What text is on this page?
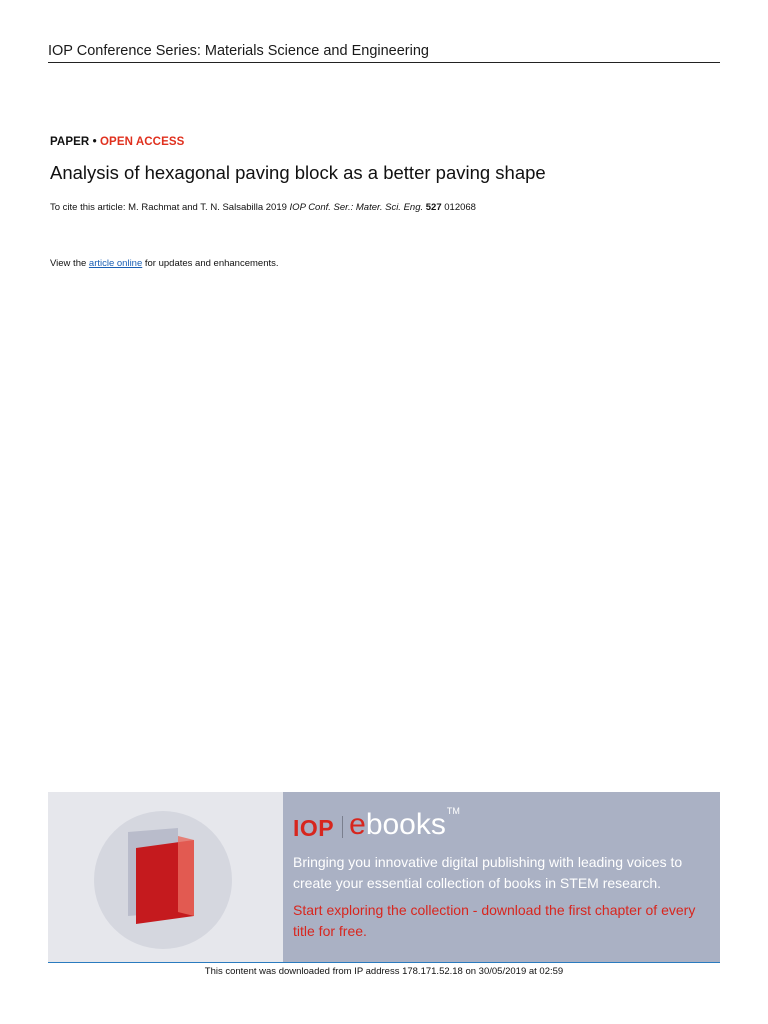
IOP Conference Series: Materials Science and Engineering
PAPER • OPEN ACCESS
Analysis of hexagonal paving block as a better paving shape
To cite this article: M. Rachmat and T. N. Salsabilla 2019 IOP Conf. Ser.: Mater. Sci. Eng. 527 012068
View the article online for updates and enhancements.
IOP e books TM
Bringing you innovative digital publishing with leading voices to create your essential collection of books in STEM research.
Start exploring the collection - download the first chapter of every title for free.
This content was downloaded from IP address 178.171.52.18 on 30/05/2019 at 02:59
